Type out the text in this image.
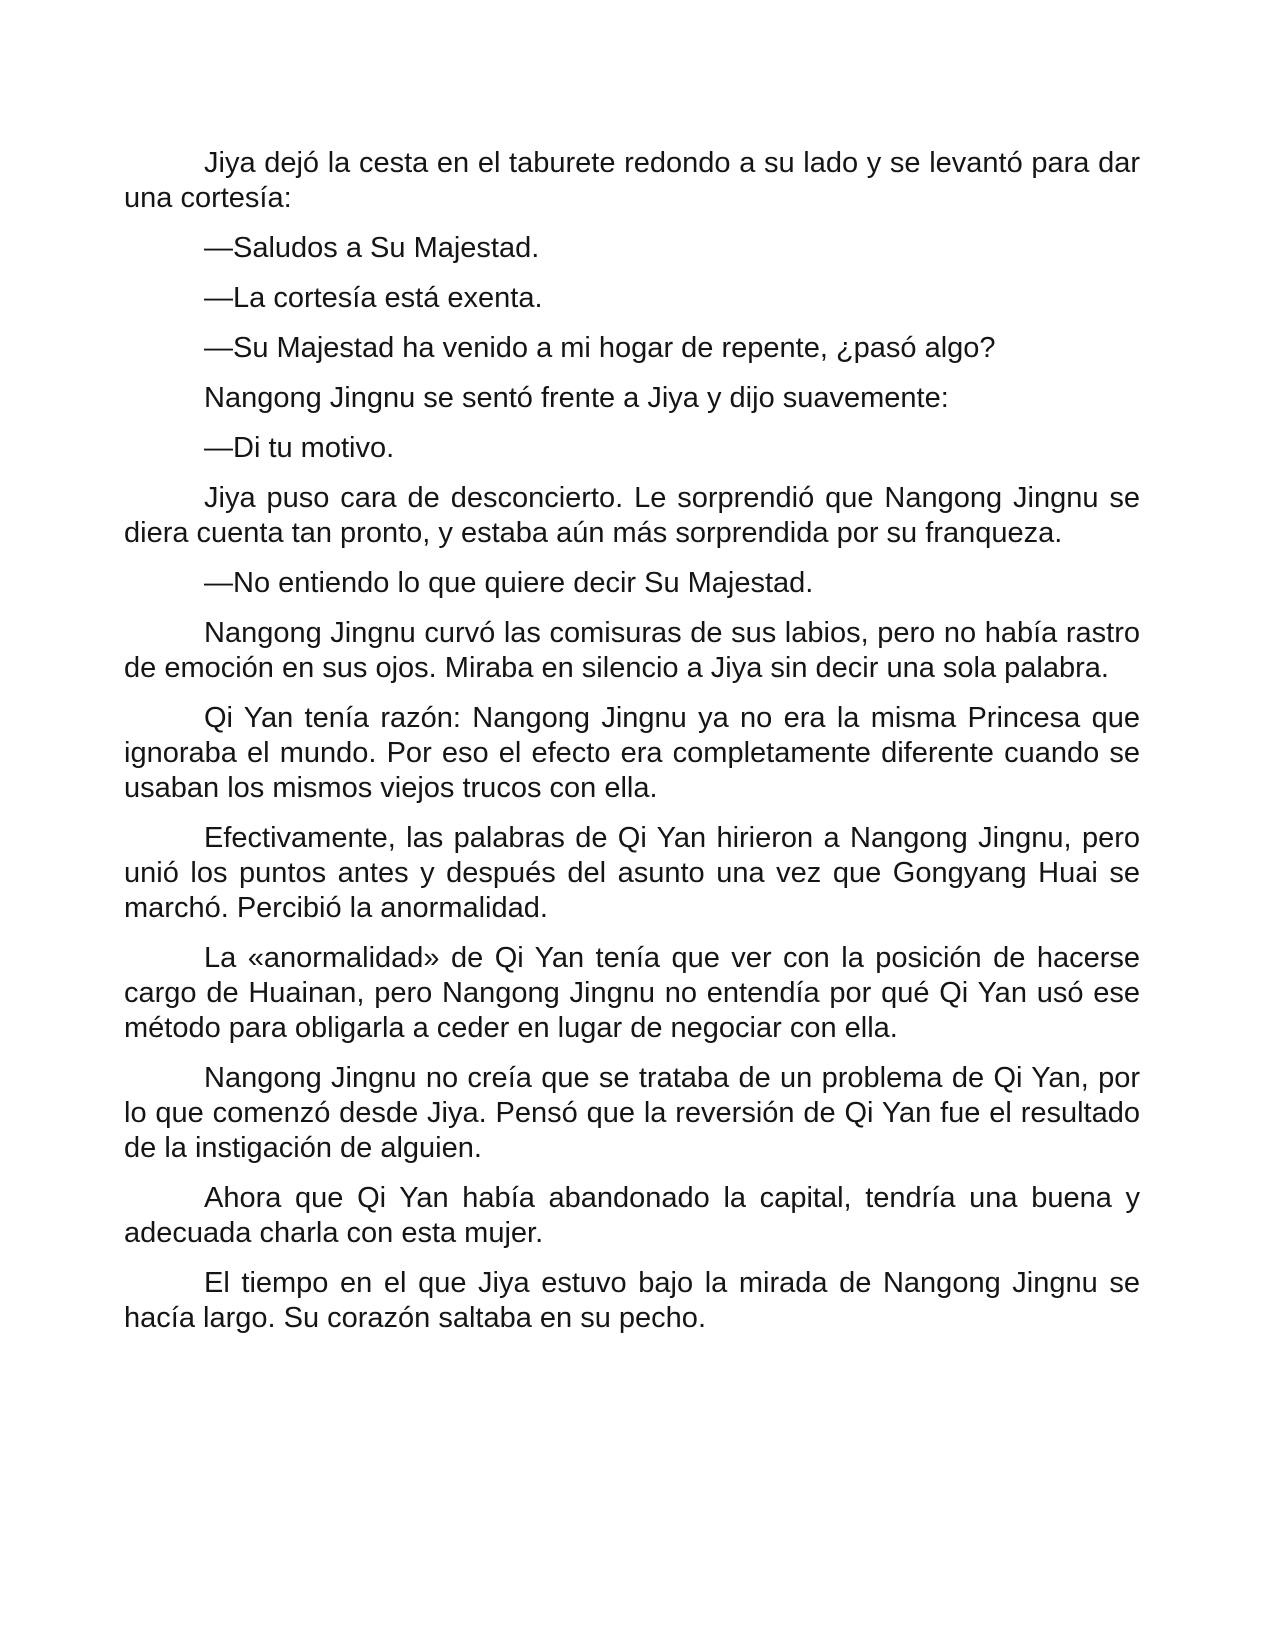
Jiya dejó la cesta en el taburete redondo a su lado y se levantó para dar una cortesía:

—Saludos a Su Majestad.

—La cortesía está exenta.

—Su Majestad ha venido a mi hogar de repente, ¿pasó algo?

Nangong Jingnu se sentó frente a Jiya y dijo suavemente:

—Di tu motivo.

Jiya puso cara de desconcierto. Le sorprendió que Nangong Jingnu se diera cuenta tan pronto, y estaba aún más sorprendida por su franqueza.

—No entiendo lo que quiere decir Su Majestad.

Nangong Jingnu curvó las comisuras de sus labios, pero no había rastro de emoción en sus ojos. Miraba en silencio a Jiya sin decir una sola palabra.

Qi Yan tenía razón: Nangong Jingnu ya no era la misma Princesa que ignoraba el mundo. Por eso el efecto era completamente diferente cuando se usaban los mismos viejos trucos con ella.

Efectivamente, las palabras de Qi Yan hirieron a Nangong Jingnu, pero unió los puntos antes y después del asunto una vez que Gongyang Huai se marchó. Percibió la anormalidad.

La «anormalidad» de Qi Yan tenía que ver con la posición de hacerse cargo de Huainan, pero Nangong Jingnu no entendía por qué Qi Yan usó ese método para obligarla a ceder en lugar de negociar con ella.

Nangong Jingnu no creía que se trataba de un problema de Qi Yan, por lo que comenzó desde Jiya. Pensó que la reversión de Qi Yan fue el resultado de la instigación de alguien.

Ahora que Qi Yan había abandonado la capital, tendría una buena y adecuada charla con esta mujer.

El tiempo en el que Jiya estuvo bajo la mirada de Nangong Jingnu se hacía largo. Su corazón saltaba en su pecho.
